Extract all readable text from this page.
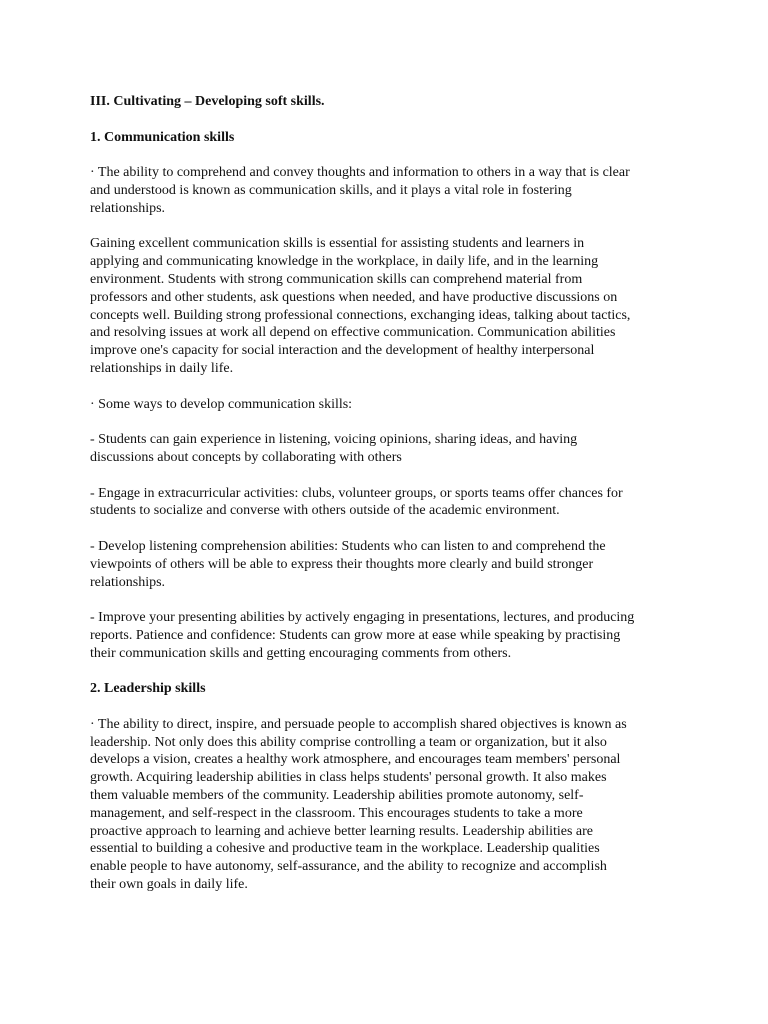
III. Cultivating – Developing soft skills.
1. Communication skills
· The ability to comprehend and convey thoughts and information to others in a way that is clear
and understood is known as communication skills, and it plays a vital role in fostering
relationships.
Gaining excellent communication skills is essential for assisting students and learners in
applying and communicating knowledge in the workplace, in daily life, and in the learning
environment. Students with strong communication skills can comprehend material from
professors and other students, ask questions when needed, and have productive discussions on
concepts well. Building strong professional connections, exchanging ideas, talking about tactics,
and resolving issues at work all depend on effective communication. Communication abilities
improve one's capacity for social interaction and the development of healthy interpersonal
relationships in daily life.
· Some ways to develop communication skills:
- Students can gain experience in listening, voicing opinions, sharing ideas, and having
discussions about concepts by collaborating with others
- Engage in extracurricular activities: clubs, volunteer groups, or sports teams offer chances for
students to socialize and converse with others outside of the academic environment.
- Develop listening comprehension abilities: Students who can listen to and comprehend the
viewpoints of others will be able to express their thoughts more clearly and build stronger
relationships.
- Improve your presenting abilities by actively engaging in presentations, lectures, and producing
reports. Patience and confidence: Students can grow more at ease while speaking by practising
their communication skills and getting encouraging comments from others.
2. Leadership skills
· The ability to direct, inspire, and persuade people to accomplish shared objectives is known as
leadership. Not only does this ability comprise controlling a team or organization, but it also
develops a vision, creates a healthy work atmosphere, and encourages team members' personal
growth. Acquiring leadership abilities in class helps students' personal growth. It also makes
them valuable members of the community. Leadership abilities promote autonomy, self-
management, and self-respect in the classroom. This encourages students to take a more
proactive approach to learning and achieve better learning results. Leadership abilities are
essential to building a cohesive and productive team in the workplace. Leadership qualities
enable people to have autonomy, self-assurance, and the ability to recognize and accomplish
their own goals in daily life.
